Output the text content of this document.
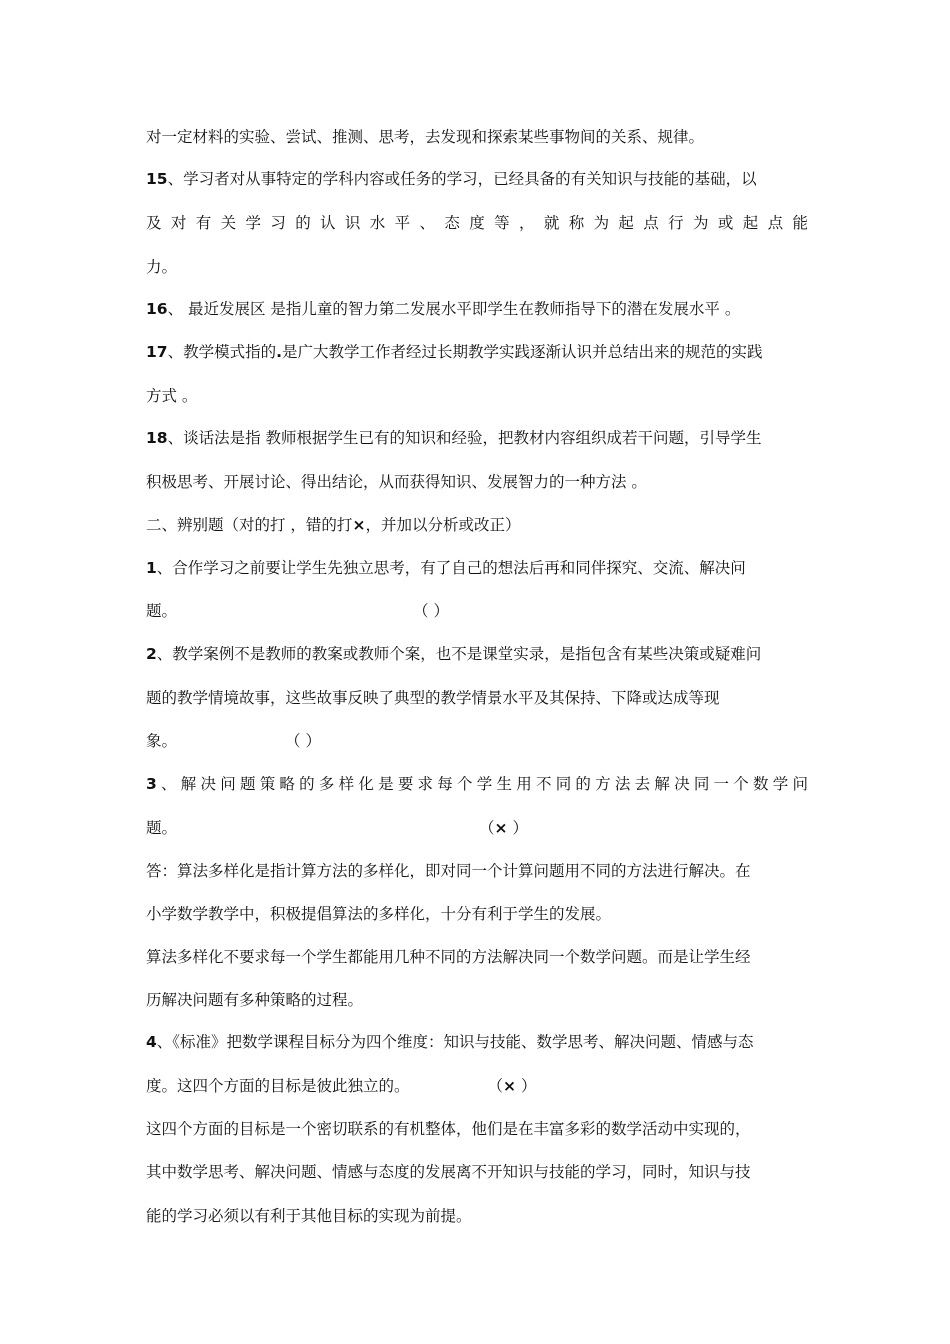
对一定材料的实验、尝试、推测、思考，去发现和探索某些事物间的关系、规律。
15、学习者对从事特定的学科内容或任务的学习，已经具备的有关知识与技能的基础，以
及对有关学习的认识水平、态度等，就称为起点行为或起点能
力。
16、 最近发展区 是指儿童的智力第二发展水平即学生在教师指导下的潜在发展水平 。
17、教学模式指的.是广大教学工作者经过长期教学实践逐渐认识并总结出来的规范的实践
方式 。
18、谈话法是指 教师根据学生已有的知识和经验，把教材内容组织成若干问题，引导学生
积极思考、开展讨论、得出结论，从而获得知识、发展智力的一种方法 。
二、辨别题（对的打 ，错的打×，并加以分析或改正）
1、合作学习之前要让学生先独立思考，有了自己的想法后再和同伴探究、交流、解决问
题。	（ ）
2、教学案例不是教师的教案或教师个案，也不是课堂实录，是指包含有某些决策或疑难问
题的教学情境故事，这些故事反映了典型的教学情景水平及其保持、下降或达成等现
象。	（ ）
3、解决问题策略的多样化是要求每个学生用不同的方法去解决同一个数学问
题。	（× ）
答：算法多样化是指计算方法的多样化，即对同一个计算问题用不同的方法进行解决。在
小学数学教学中，积极提倡算法的多样化，十分有利于学生的发展。
算法多样化不要求每一个学生都能用几种不同的方法解决同一个数学问题。而是让学生经
历解决问题有多种策略的过程。
4、《标准》把数学课程目标分为四个维度：知识与技能、数学思考、解决问题、情感与态
度。这四个方面的目标是彼此独立的。	（× ）
这四个方面的目标是一个密切联系的有机整体，他们是在丰富多彩的数学活动中实现的，
其中数学思考、解决问题、情感与态度的发展离不开知识与技能的学习，同时，知识与技
能的学习必须以有利于其他目标的实现为前提。
